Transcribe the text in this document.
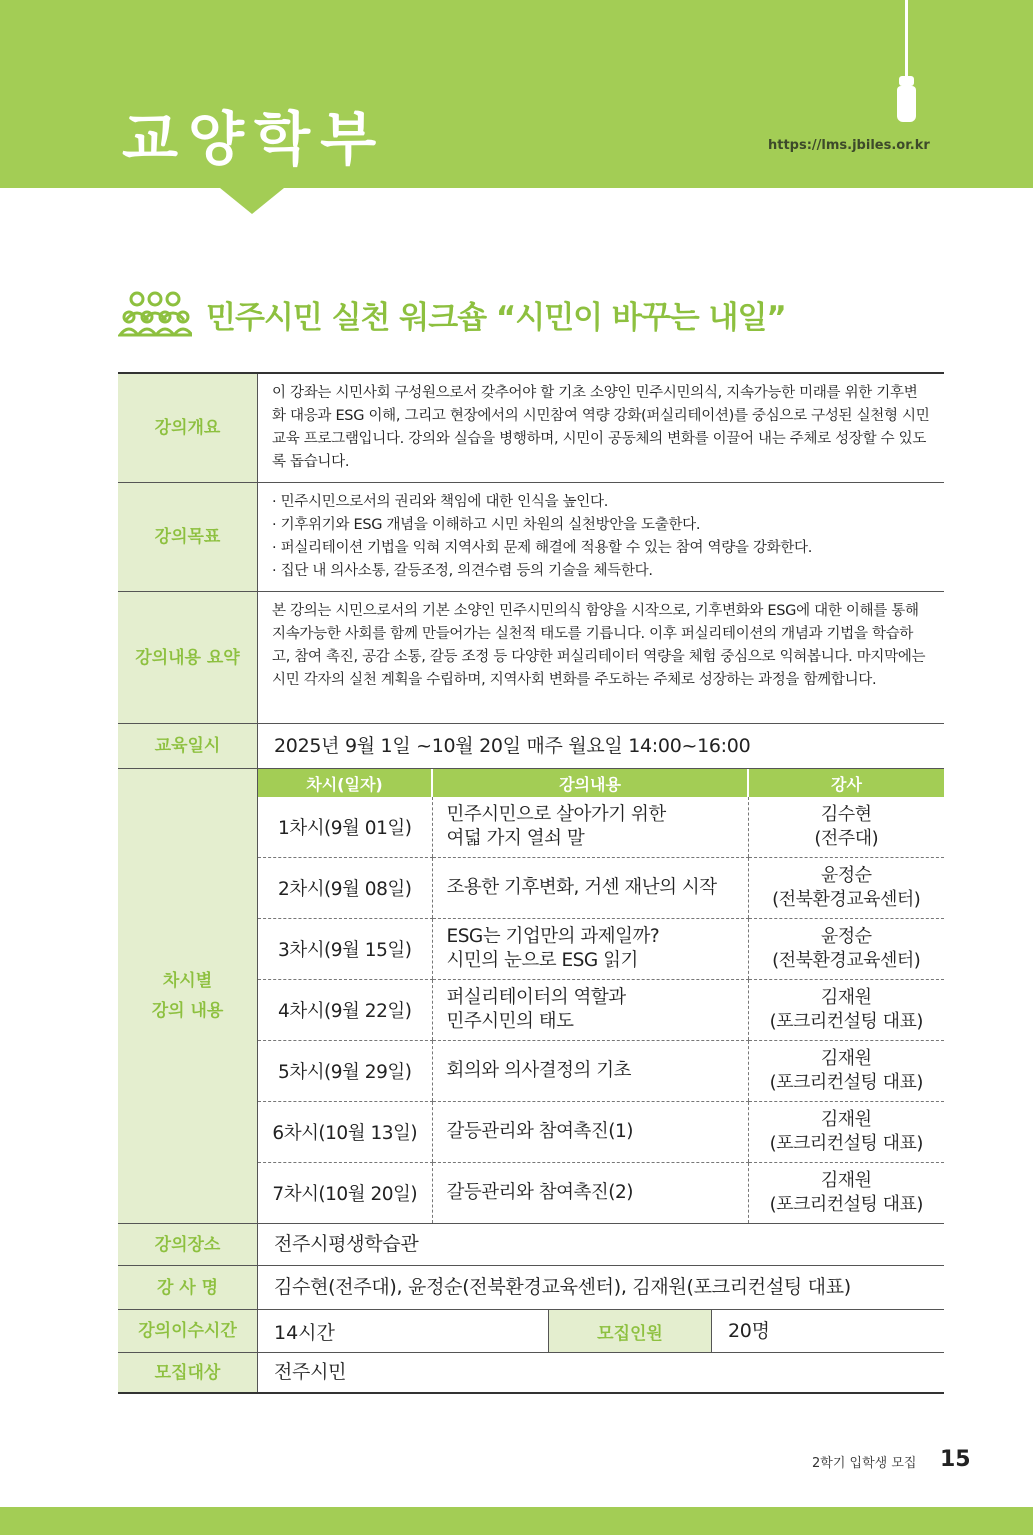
교양학부	https://lms.jbiles.or.kr
민주시민 실천 워크숍 “시민이 바꾸는 내일”
강의개요
이 강좌는 시민사회 구성원으로서 갖추어야 할 기초 소양인 민주시민의식, 지속가능한 미래를 위한 기후변화 대응과 ESG 이해, 그리고 현장에서의 시민참여 역량 강화(퍼실리테이션)를 중심으로 구성된 실천형 시민교육 프로그램입니다. 강의와 실습을 병행하며, 시민이 공동체의 변화를 이끌어 내는 주체로 성장할 수 있도록 돕습니다.
강의목표
· 민주시민으로서의 권리와 책임에 대한 인식을 높인다.
· 기후위기와 ESG 개념을 이해하고 시민 차원의 실천방안을 도출한다.
· 퍼실리테이션 기법을 익혀 지역사회 문제 해결에 적용할 수 있는 참여 역량을 강화한다.
· 집단 내 의사소통, 갈등조정, 의견수렴 등의 기술을 체득한다.
강의내용 요약
본 강의는 시민으로서의 기본 소양인 민주시민의식 함양을 시작으로, 기후변화와 ESG에 대한 이해를 통해 지속가능한 사회를 함께 만들어가는 실천적 태도를 기릅니다. 이후 퍼실리테이션의 개념과 기법을 학습하고, 참여 촉진, 공감 소통, 갈등 조정 등 다양한 퍼실리테이터 역량을 체험 중심으로 익혀봅니다. 마지막에는 시민 각자의 실천 계획을 수립하며, 지역사회 변화를 주도하는 주체로 성장하는 과정을 함께합니다.
교육일시	2025년 9월 1일 ~10월 20일 매주 월요일 14:00~16:00
차시별
강의 내용
차시(일자)	강의내용	강사
1차시(9월 01일)	민주시민으로 살아가기 위한
여덟 가지 열쇠 말	김수현
(전주대)

2차시(9월 08일)	조용한 기후변화, 거센 재난의 시작	윤정순
(전북환경교육센터)

3차시(9월 15일)	ESG는 기업만의 과제일까?
시민의 눈으로 ESG 읽기	윤정순
(전북환경교육센터)

4차시(9월 22일)	퍼실리테이터의 역할과
민주시민의 태도	김재원
(포크리컨설팅 대표)

5차시(9월 29일)	회의와 의사결정의 기초	김재원
(포크리컨설팅 대표)

6차시(10월 13일)	갈등관리와 참여촉진(1)	김재원
(포크리컨설팅 대표)

7차시(10월 20일)	갈등관리와 참여촉진(2)	김재원
(포크리컨설팅 대표)
강의장소	전주시평생학습관
강 사 명	김수현(전주대), 윤정순(전북환경교육센터), 김재원(포크리컨설팅 대표)
강의이수시간	14시간	모집인원	20명
모집대상	전주시민
2학기 입학생 모집 15
